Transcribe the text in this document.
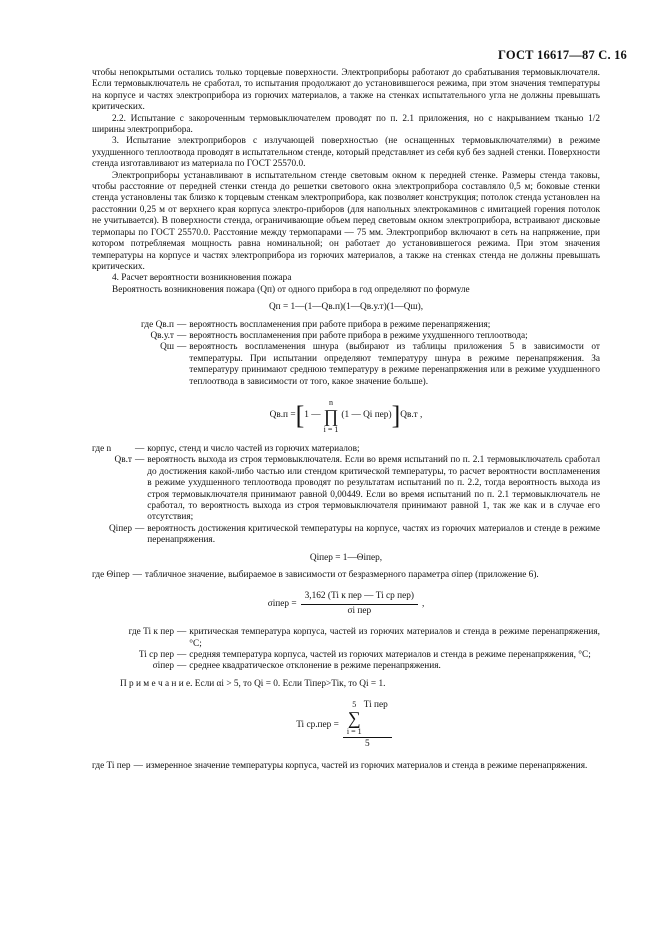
ГОСТ 16617—87 С. 16

чтобы непокрытыми остались только торцевые поверхности. Электроприборы работают до срабатывания термовыключателя. Если термовыключатель не сработал, то испытания продолжают до установившегося режима, при этом значения температуры на корпусе и частях электроприбора из горючих материалов, а также на стенках испытательного угла не должны превышать критических.

2.2. Испытание с закороченным термовыключателем проводят по п. 2.1 приложения, но с накрыванием тканью 1/2 ширины электроприбора.

3. Испытание электроприборов с излучающей поверхностью (не оснащенных термовыключателями) в режиме ухудшенного теплоотвода проводят в испытательном стенде, который представляет из себя куб без задней стенки. Поверхности стенда изготавливают из материала по ГОСТ 25570.0.

Электроприборы устанавливают в испытательном стенде световым окном к передней стенке. Размеры стенда таковы, чтобы расстояние от передней стенки стенда до решетки светового окна электроприбора составляло 0,5 м; боковые стенки стенда установлены так близко к торцевым стенкам электроприбора, как позволяет конструкция; потолок стенда установлен на расстоянии 0,25 м от верхнего края корпуса электро-приборов (для напольных электрокаминов с имитацией горения потолок не учитывается). В поверхности стенда, ограничивающие объем перед световым окном электроприбора, встраивают дисковые термопары по ГОСТ 25570.0. Расстояние между термопарами — 75 мм. Электроприбор включают в сеть на напряжение, при котором потребляемая мощность равна номинальной; он работает до установившегося режима. При этом значения температуры на корпусе и частях электроприбора из горючих материалов, а также на стенках стенда не должны превышать критических.

4. Расчет вероятности возникновения пожара

Вероятность возникновения пожара (Qп) от одного прибора в год определяют по формуле

Qп = 1—(1—Qв.п)(1—Qв.у.т)(1—Qш),
где Qв.п — вероятность воспламенения при работе прибора в режиме перенапряжения;
Qв.у.т — вероятность воспламенения при работе прибора в режиме ухудшенного теплоотвода;
Qш — вероятность воспламенения шнура (выбирают из таблицы приложения 5 в зависимости от температуры. При испытании определяют температуру шнура в режиме перенапряжения. За температуру принимают среднюю температуру в режиме перенапряжения или в режиме ухудшенного теплоотвода в зависимости от того, какое значение больше).
Qв.п = [ 1 —
n
∏
i = 1
(1 — Qi пер) ] Qв.т ,
где n	— корпус, стенд и число частей из горючих материалов;
Qв.т — вероятность выхода из строя термовыключателя. Если во время испытаний по п. 2.1 термовыключатель сработал до достижения какой-либо частью или стендом критической температуры, то расчет вероятности воспламенения в режиме ухудшенного теплоотвода проводят по результатам испытаний по п. 2.2, тогда вероятность выхода из строя термовыключателя принимают равной 0,00449. Если во время испытаний по п. 2.1 термовыключатель не сработал, то вероятность выхода из строя термовыключателя принимают равной 1, так же как и в случае его отсутствия;
Qiпер — вероятность достижения критической температуры на корпусе, частях из горючих материалов и стенде в режиме перенапряжения.
Qiпер = 1—Θiпер,
где Θiпер — табличное значение, выбираемое в зависимости от безразмерного параметра σiпер (приложение 6).
σiпер = $\frac{\text{3,162 (Ti к пер — Ti ср пер)}}{\text{σi пер}}$ ,
где Ti к пер — критическая температура корпуса, частей из горючих материалов и стенда в режиме перенапряжения, °С;
Ti ср пер — средняя температура корпуса, частей из горючих материалов и стенда в режиме перенапряжения, °С;
σiпер — среднее квадратическое отклонение в режиме перенапряжения.
П р и м е ч а н и е. Если αi > 5, то Qi = 0. Если Tiпер>Tiк, то Qi = 1.
Ti ср.пер =
5
∑
i = 1
Ti пер
5
где Ti пер — измеренное значение температуры корпуса, частей из горючих материалов и стенда в режиме перенапряжения.
